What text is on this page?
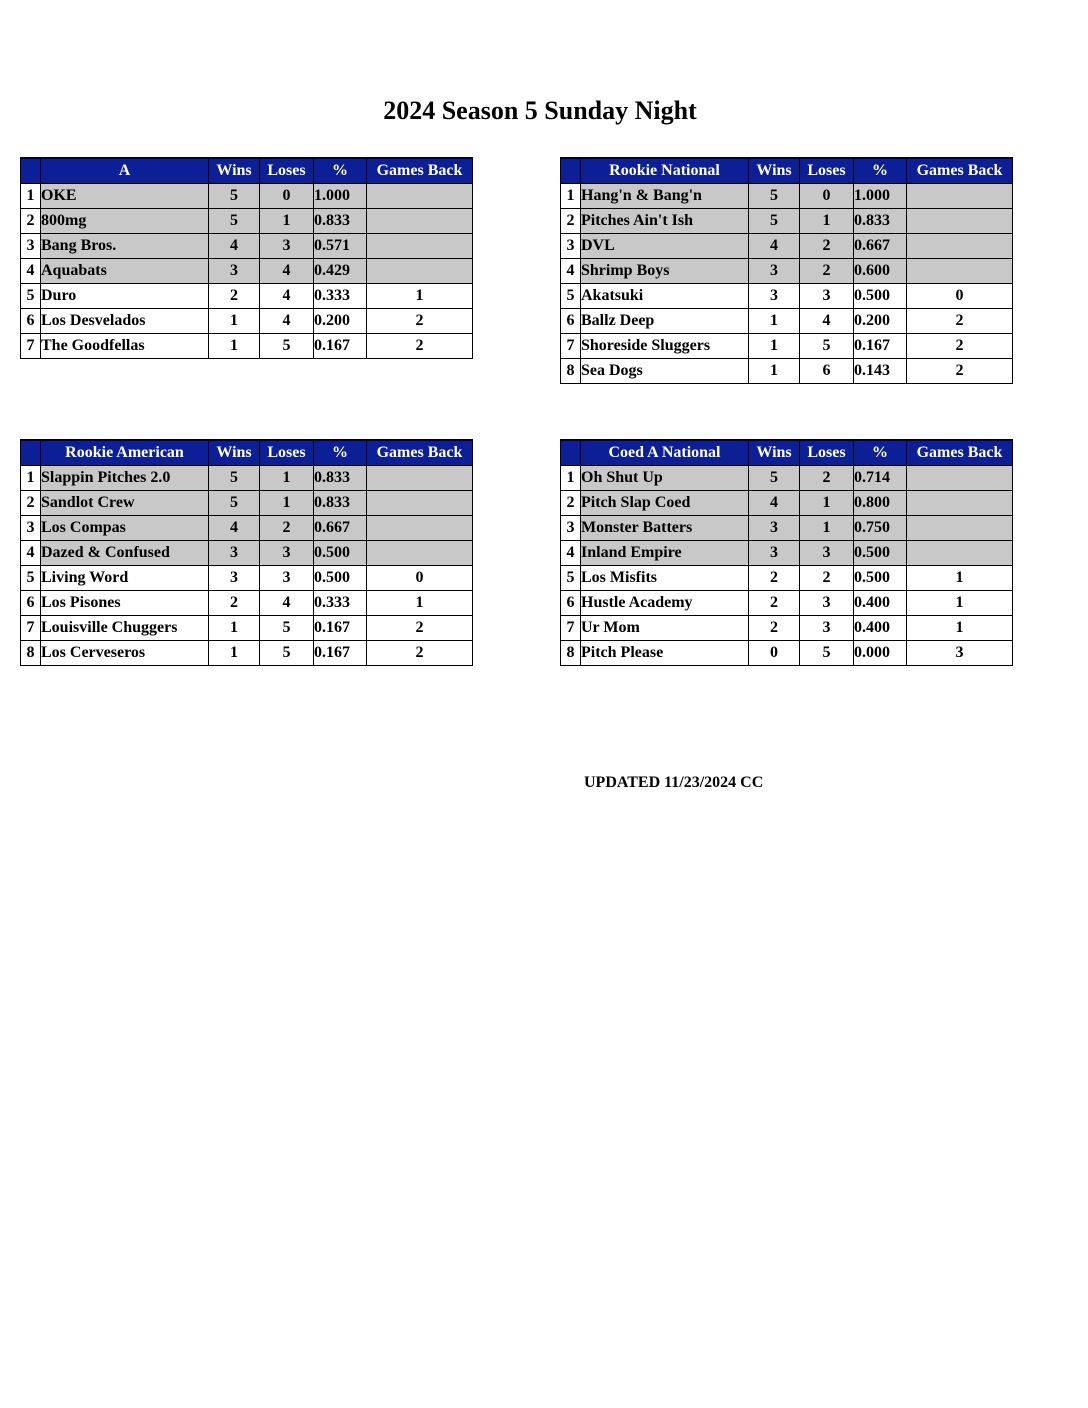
2024 Season 5 Sunday Night
	A	Wins	Loses	%	Games Back
1	OKE	5	0	1.000	
2	800mg	5	1	0.833	
3	Bang Bros.	4	3	0.571	
4	Aquabats	3	4	0.429	
5	Duro	2	4	0.333	1
6	Los Desvelados	1	4	0.200	2
7	The Goodfellas	1	5	0.167	2
	Rookie National	Wins	Loses	%	Games Back
1	Hang'n & Bang'n	5	0	1.000	
2	Pitches Ain't Ish	5	1	0.833	
3	DVL	4	2	0.667	
4	Shrimp Boys	3	2	0.600	
5	Akatsuki	3	3	0.500	0
6	Ballz Deep	1	4	0.200	2
7	Shoreside Sluggers	1	5	0.167	2
8	Sea Dogs	1	6	0.143	2
	Rookie American	Wins	Loses	%	Games Back
1	Slappin Pitches 2.0	5	1	0.833	
2	Sandlot Crew	5	1	0.833	
3	Los Compas	4	2	0.667	
4	Dazed & Confused	3	3	0.500	
5	Living Word	3	3	0.500	0
6	Los Pisones	2	4	0.333	1
7	Louisville Chuggers	1	5	0.167	2
8	Los Cerveseros	1	5	0.167	2
	Coed A National	Wins	Loses	%	Games Back
1	Oh Shut Up	5	2	0.714	
2	Pitch Slap Coed	4	1	0.800	
3	Monster Batters	3	1	0.750	
4	Inland Empire	3	3	0.500	
5	Los Misfits	2	2	0.500	1
6	Hustle Academy	2	3	0.400	1
7	Ur Mom	2	3	0.400	1
8	Pitch Please	0	5	0.000	3
UPDATED 11/23/2024 CC
